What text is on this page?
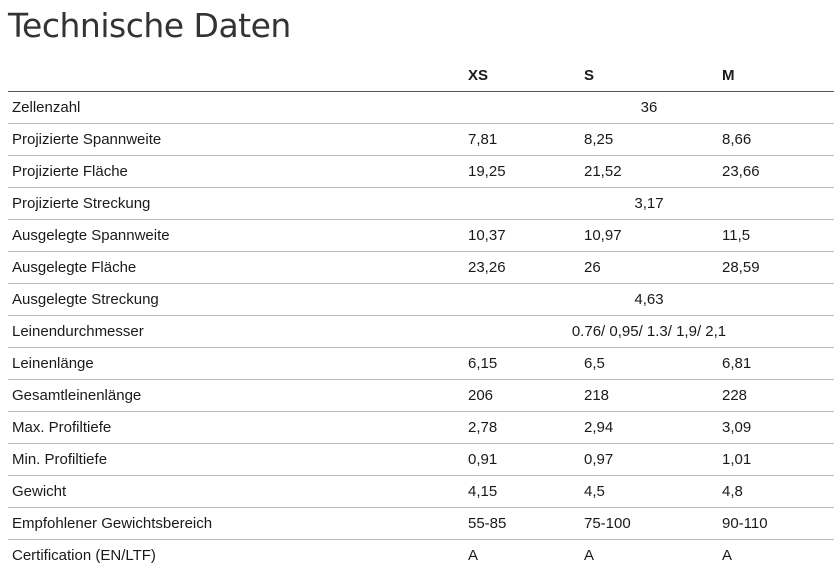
Technische Daten
	XS	S	M
Zellenzahl	36		
Projizierte Spannweite	7,81	8,25	8,66
Projizierte Fläche	19,25	21,52	23,66
Projizierte Streckung	3,17		
Ausgelegte Spannweite	10,37	10,97	11,5
Ausgelegte Fläche	23,26	26	28,59
Ausgelegte Streckung	4,63		
Leinendurchmesser	0.76/ 0,95/ 1.3/ 1,9/ 2,1		
Leinenlänge	6,15	6,5	6,81
Gesamtleinenlänge	206	218	228
Max. Profiltiefe	2,78	2,94	3,09
Min. Profiltiefe	0,91	0,97	1,01
Gewicht	4,15	4,5	4,8
Empfohlener Gewichtsbereich	55-85	75-100	90-110
Certification (EN/LTF)	A	A	A
